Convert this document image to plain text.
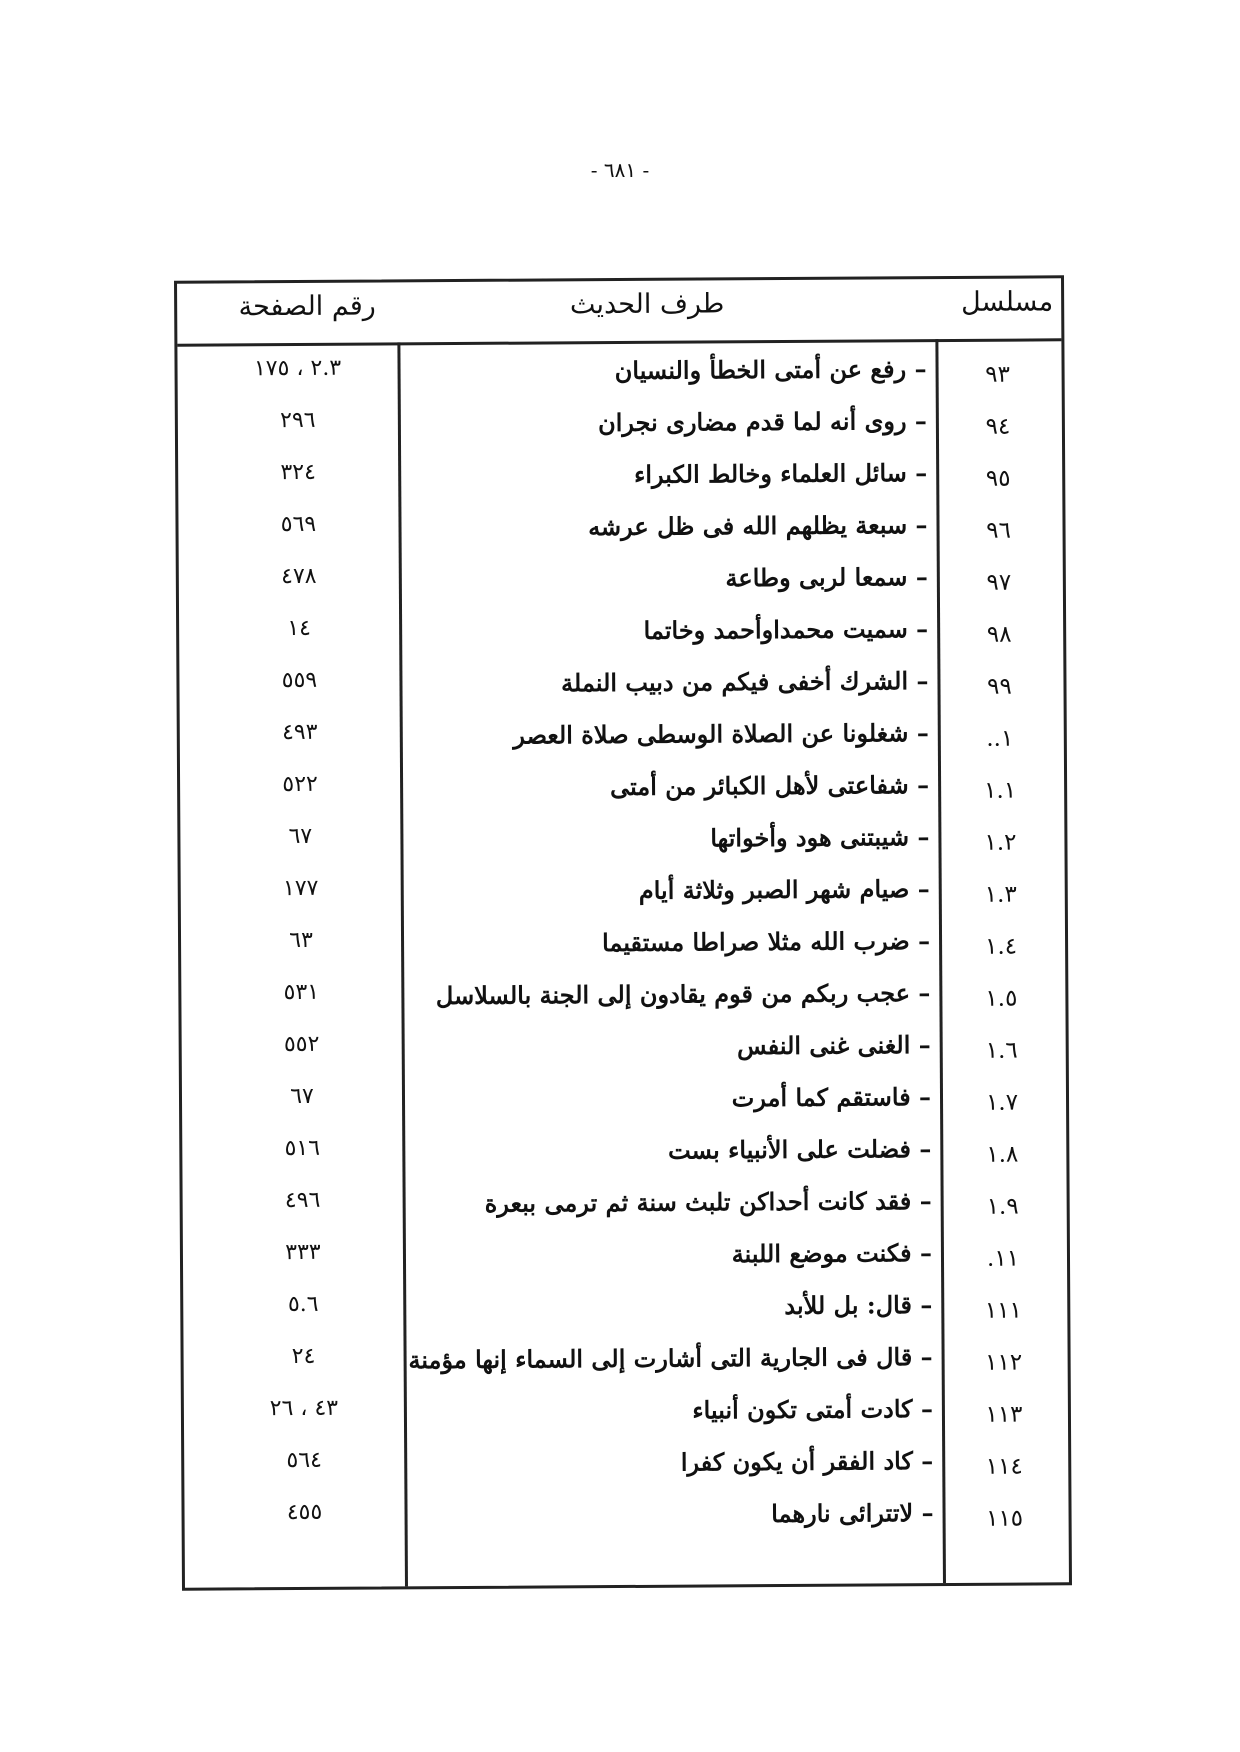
- ٦٨١ -
مسلسل
طرف الحديث
رقم الصفحة
٩٣
– رفع عن أمتى الخطأ والنسيان
٢.٣ ، ١٧٥
٩٤
– روى أنه لما قدم مضارى نجران
٢٩٦
٩٥
– سائل العلماء وخالط الكبراء
٣٢٤
٩٦
– سبعة يظلهم الله فى ظل عرشه
٥٦٩
٩٧
– سمعا لربى وطاعة
٤٧٨
٩٨
– سميت محمداوأحمد وخاتما
١٤
٩٩
– الشرك أخفى فيكم من دبيب النملة
٥٥٩
١..
– شغلونا عن الصلاة الوسطى صلاة العصر
٤٩٣
١.١
– شفاعتى لأهل الكبائر من أمتى
٥٢٢
١.٢
– شيبتنى هود وأخواتها
٦٧
١.٣
– صيام شهر الصبر وثلاثة أيام
١٧٧
١.٤
– ضرب الله مثلا صراطا مستقيما
٦٣
١.٥
– عجب ربكم من قوم يقادون إلى الجنة بالسلاسل
٥٣١
١.٦
– الغنى غنى النفس
٥٥٢
١.٧
– فاستقم كما أمرت
٦٧
١.٨
– فضلت على الأنبياء بست
٥١٦
١.٩
– فقد كانت أحداكن تلبث سنة ثم ترمى ببعرة
٤٩٦
١١.
– فكنت موضع اللبنة
٣٣٣
١١١
– قال: بل للأبد
٥.٦
١١٢
– قال فى الجارية التى أشارت إلى السماء إنها مؤمنة
٢٤
١١٣
– كادت أمتى تكون أنبياء
٤٣ ، ٢٦
١١٤
– كاد الفقر أن يكون كفرا
٥٦٤
١١٥
– لاتترائى نارهما
٤٥٥
